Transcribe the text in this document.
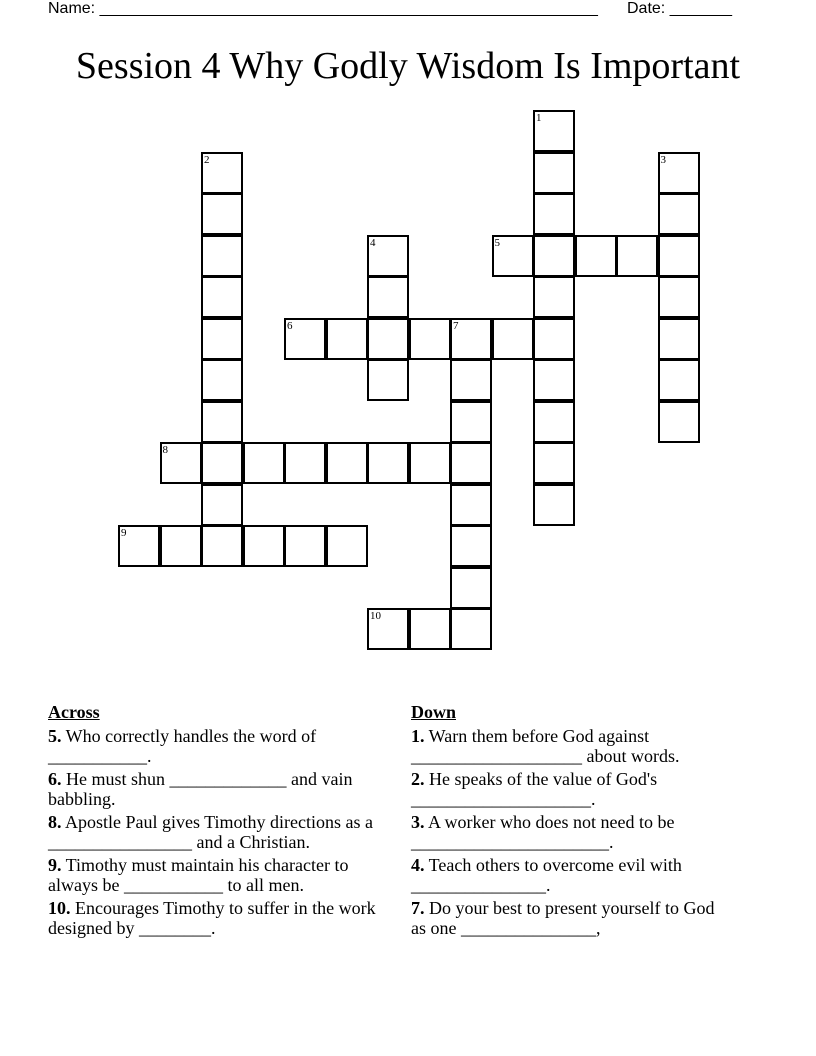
Name: ________________________________________________________ Date: _______
Session 4 Why Godly Wisdom Is Important
1
2	3
4	5
6	7
8
9
10
Across
5. Who correctly handles the word of ___________.
6. He must shun _____________ and vain babbling.
8. Apostle Paul gives Timothy directions as a ________________ and a Christian.
9. Timothy must maintain his character to always be ___________ to all men.
10. Encourages Timothy to suffer in the work designed by ________.
Down
1. Warn them before God against ___________________ about words.
2. He speaks of the value of God's ____________________.
3. A worker who does not need to be ______________________.
4. Teach others to overcome evil with _______________.
7. Do your best to present yourself to God as one _______________,
